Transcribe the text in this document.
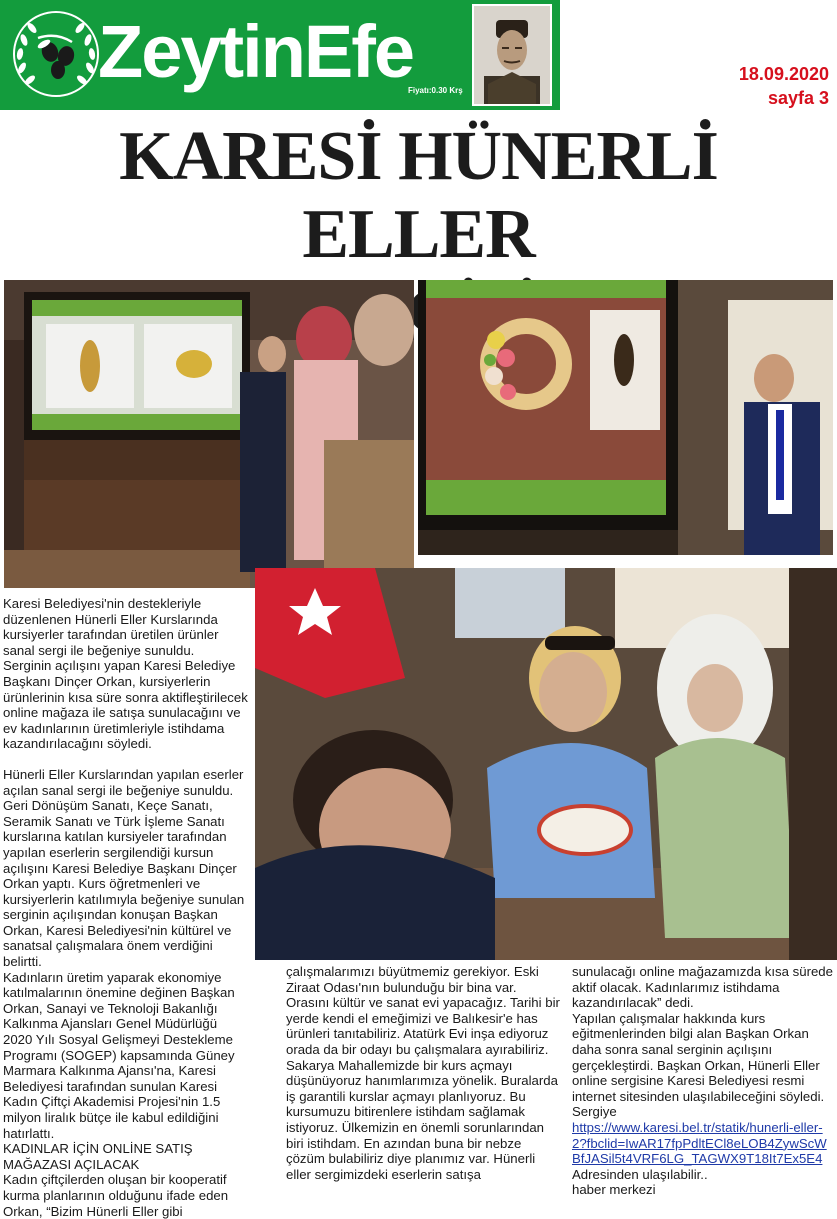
ZeytinEfe
Fiyatı:0.30 Krş
18.09.2020
sayfa 3
KARESİ HÜNERLİ ELLER

Karesi Belediyesi'nin destekleriyle düzenlenen Hünerli Eller Kurslarında kursiyerler tarafından üretilen ürünler sanal sergi ile beğeniye sunuldu.

Serginin açılışını yapan Karesi Belediye Başkanı Dinçer Orkan, kursiyerlerin ürünlerinin kısa süre sonra aktifleştirilecek online mağaza ile satışa sunulacağını ve ev kadınlarının üretimleriyle istihdama kazandırılacağını söyledi.

Hünerli Eller Kurslarından yapılan eserler açılan sanal sergi ile beğeniye sunuldu. Geri Dönüşüm Sanatı, Keçe Sanatı, Seramik Sanatı ve Türk İşleme Sanatı kurslarına katılan kursiyeler tarafından yapılan eserlerin sergilendiği kursun açılışını Karesi Belediye Başkanı Dinçer Orkan yaptı. Kurs öğretmenleri ve kursiyerlerin katılımıyla beğeniye sunulan serginin açılışından konuşan Başkan Orkan, Karesi Belediyesi'nin kültürel ve sanatsal çalışmalara önem verdiğini belirtti.

Kadınların üretim yaparak ekonomiye katılmalarının önemine değinen Başkan Orkan, Sanayi ve Teknoloji Bakanlığı Kalkınma Ajansları Genel Müdürlüğü 2020 Yılı Sosyal Gelişmeyi Destekleme Programı (SOGEP) kapsamında Güney Marmara Kalkınma Ajansı'na, Karesi Belediyesi tarafından sunulan Karesi Kadın Çiftçi Akademisi Projesi'nin 1.5 milyon liralık bütçe ile kabul edildiğini hatırlattı.

KADINLAR İÇİN ONLİNE SATIŞ MAĞAZASI AÇILACAK

Kadın çiftçilerden oluşan bir kooperatif kurma planlarının olduğunu ifade eden Orkan, “Bizim Hünerli Eller gibi

çalışmalarımızı büyütmemiz gerekiyor. Eski Ziraat Odası'nın bulunduğu bir bina var. Orasını kültür ve sanat evi yapacağız. Tarihi bir yerde kendi el emeğimizi ve Balıkesir'e has ürünleri tanıtabiliriz. Atatürk Evi inşa ediyoruz orada da bir odayı bu çalışmalara ayırabiliriz. Sakarya Mahallemizde bir kurs açmayı düşünüyoruz hanımlarımıza yönelik. Buralarda iş garantili kurslar açmayı planlıyoruz. Bu kursumuzu bitirenlere istihdam sağlamak istiyoruz. Ülkemizin en önemli sorunlarından biri istihdam. En azından buna bir nebze çözüm bulabiliriz diye planımız var. Hünerli eller sergimizdeki eserlerin satışa

sunulacağı online mağazamızda kısa sürede aktif olacak. Kadınlarımız istihdama kazandırılacak” dedi.

Yapılan çalışmalar hakkında kurs eğitmenlerinden bilgi alan Başkan Orkan daha sonra sanal serginin açılışını gerçekleştirdi. Başkan Orkan, Hünerli Eller online sergisine Karesi Belediyesi resmi internet sitesinden ulaşılabileceğini söyledi.

Sergiye

https://www.karesi.bel.tr/statik/hunerli-eller-2?fbclid=IwAR17fpPdltECl8eLOB4ZywScWBfJASil5t4VRF6LG_TAGWX9T18It7Ex5E4

Adresinden ulaşılabilir..

haber merkezi
